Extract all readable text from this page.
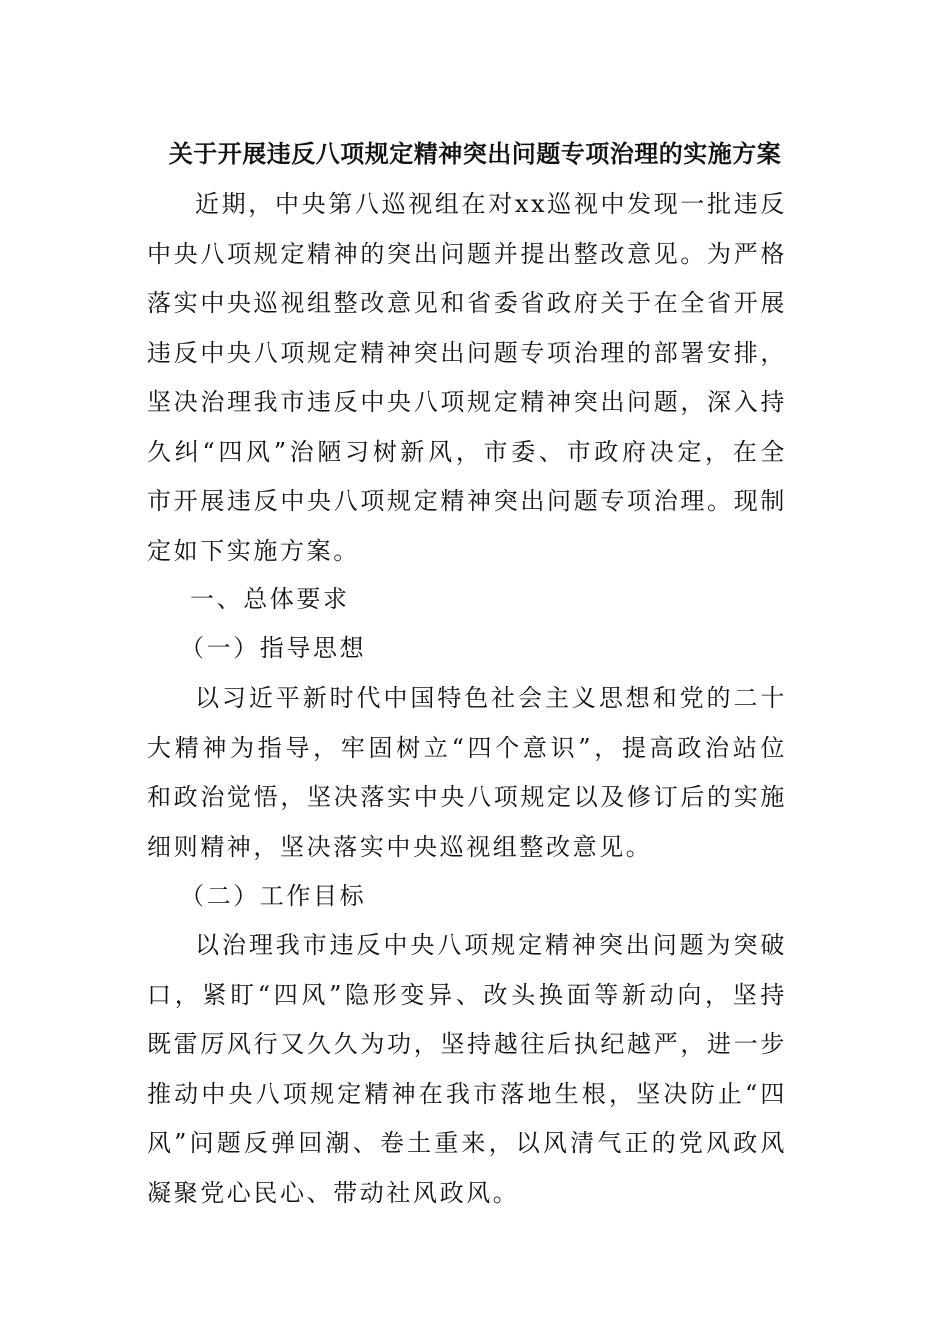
关于开展违反八项规定精神突出问题专项治理的实施方案

近期，中央第八巡视组在对xx巡视中发现一批违反中央八项规定精神的突出问题并提出整改意见。为严格落实中央巡视组整改意见和省委省政府关于在全省开展违反中央八项规定精神突出问题专项治理的部署安排，坚决治理我市违反中央八项规定精神突出问题，深入持久纠“四风”治陋习树新风，市委、市政府决定，在全市开展违反中央八项规定精神突出问题专项治理。现制定如下实施方案。

一、总体要求

（一）指导思想

以习近平新时代中国特色社会主义思想和党的二十大精神为指导，牢固树立“四个意识”，提高政治站位和政治觉悟，坚决落实中央八项规定以及修订后的实施细则精神，坚决落实中央巡视组整改意见。

（二）工作目标

以治理我市违反中央八项规定精神突出问题为突破口，紧盯“四风”隐形变异、改头换面等新动向，坚持既雷厉风行又久久为功，坚持越往后执纪越严，进一步推动中央八项规定精神在我市落地生根，坚决防止“四风”问题反弹回潮、卷土重来，以风清气正的党风政风凝聚党心民心、带动社风政风。
